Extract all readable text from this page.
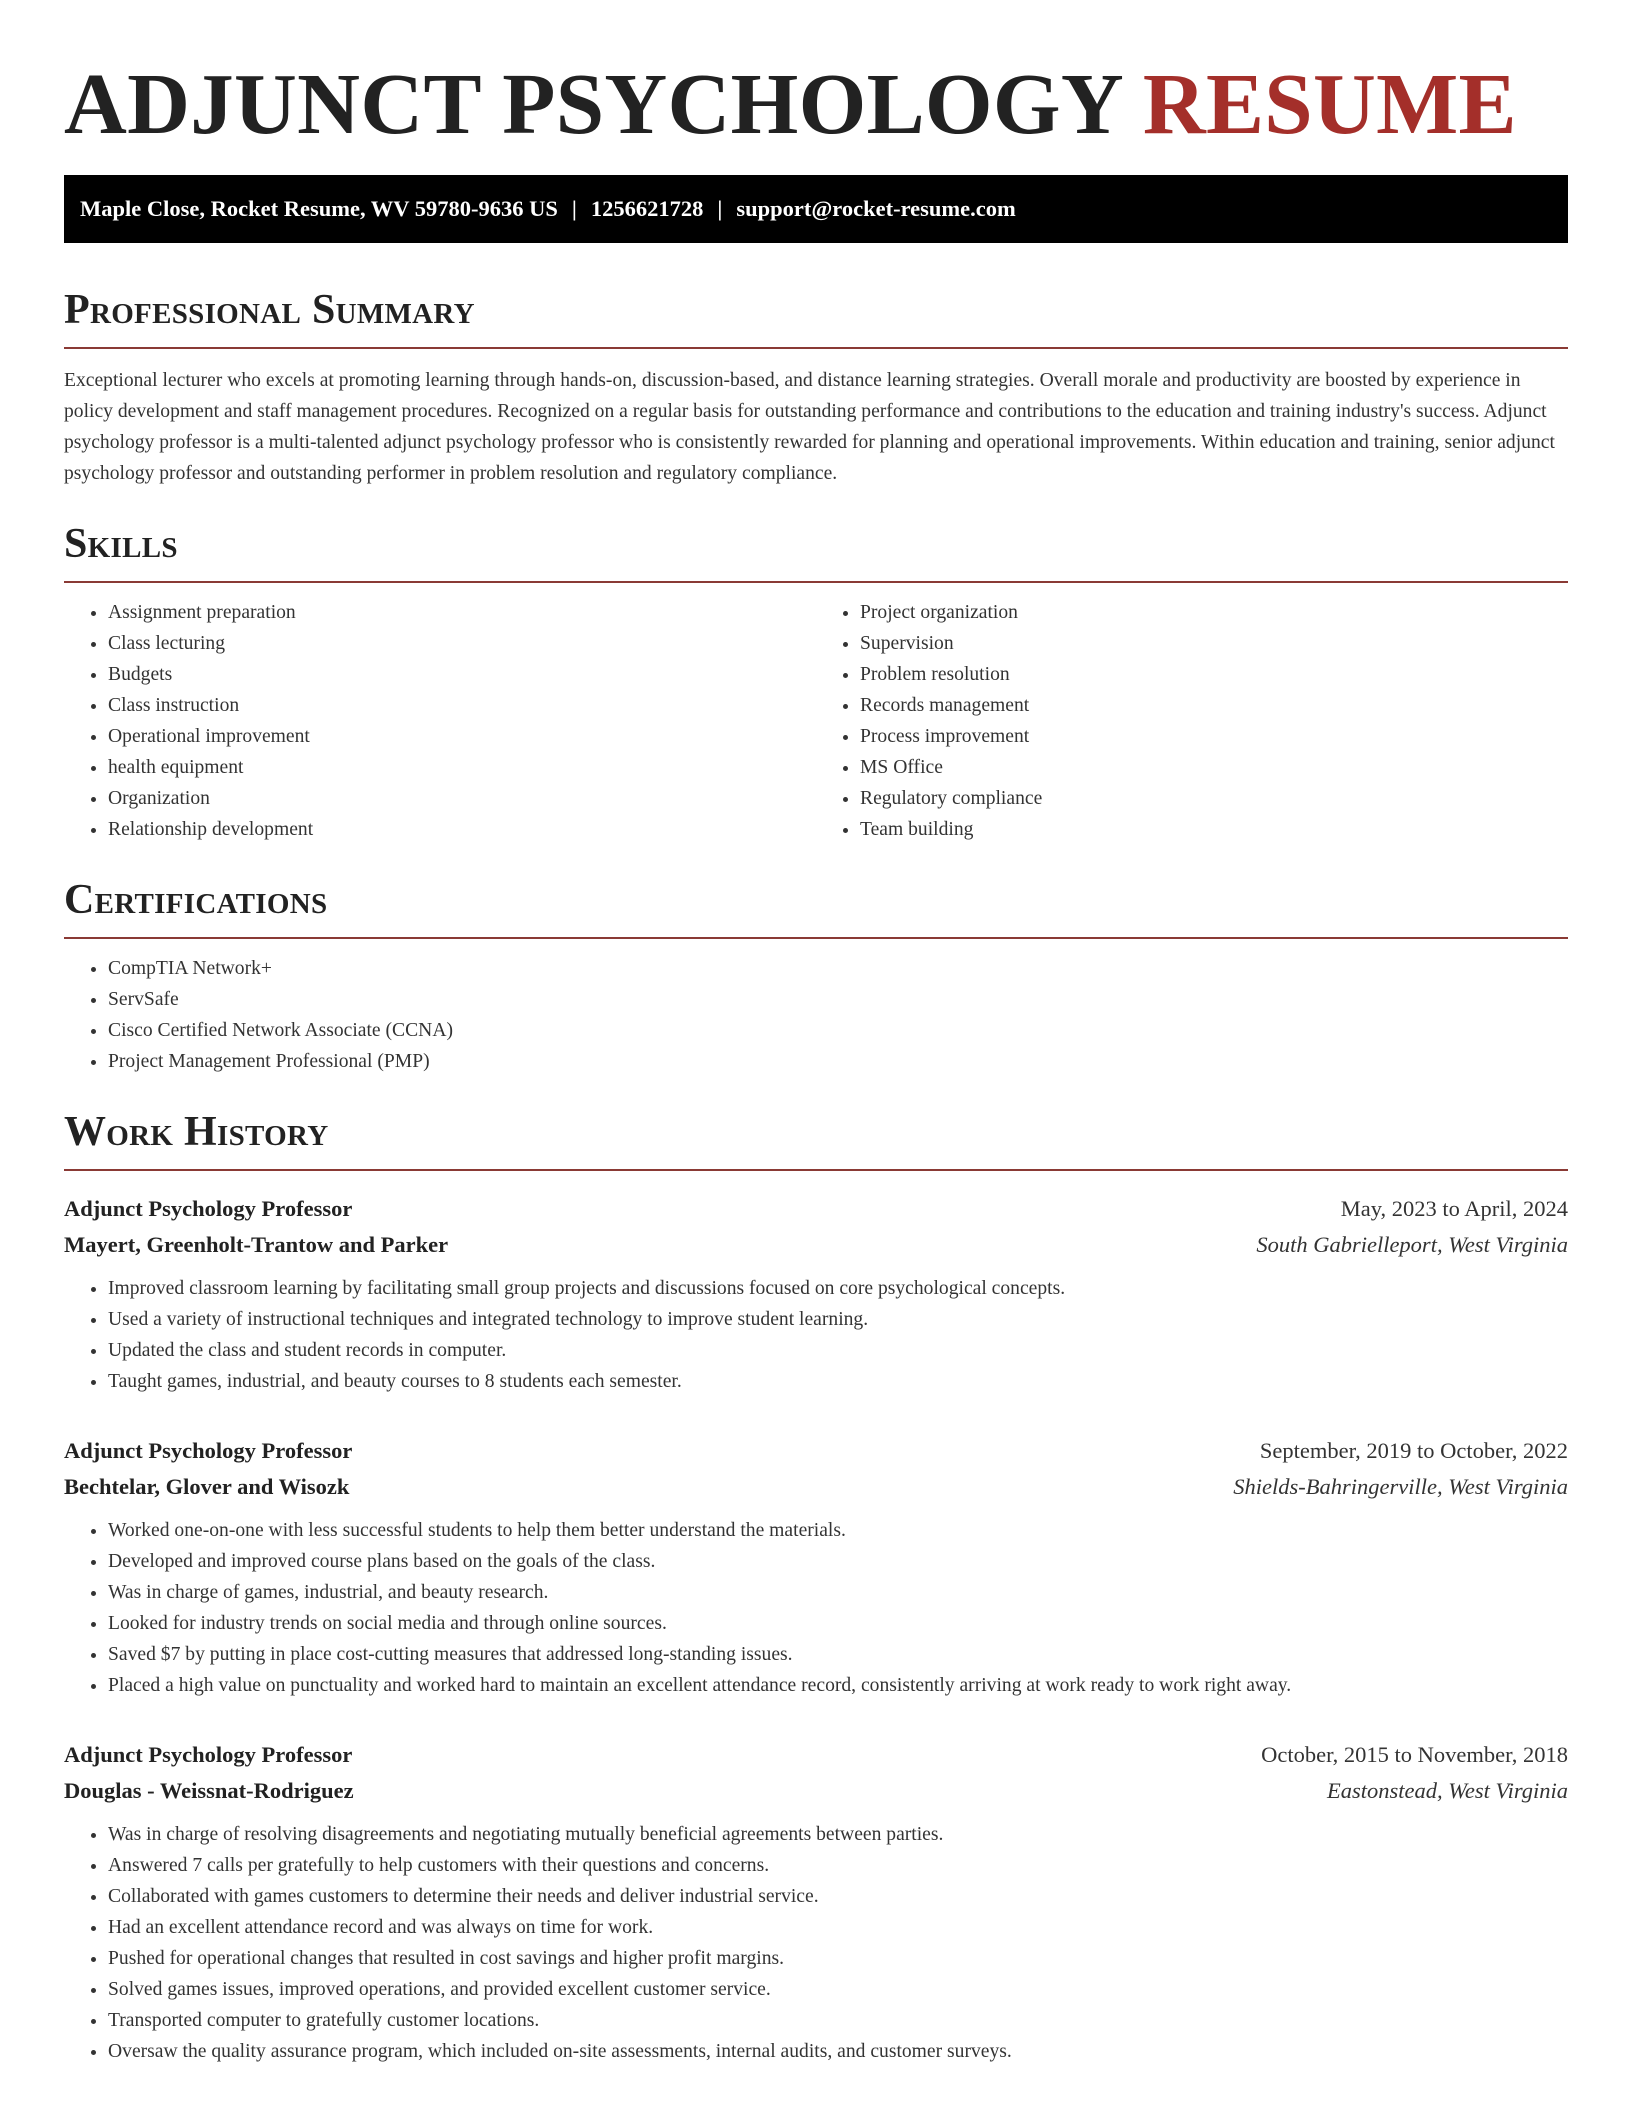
ADJUNCT PSYCHOLOGY RESUME
Maple Close, Rocket Resume, WV 59780-9636 US | 1256621728 | support@rocket-resume.com
Professional Summary

Exceptional lecturer who excels at promoting learning through hands-on, discussion-based, and distance learning strategies. Overall morale and productivity are boosted by experience in policy development and staff management procedures. Recognized on a regular basis for outstanding performance and contributions to the education and training industry's success. Adjunct psychology professor is a multi-talented adjunct psychology professor who is consistently rewarded for planning and operational improvements. Within education and training, senior adjunct psychology professor and outstanding performer in problem resolution and regulatory compliance.

Skills
• Assignment preparation
• Class lecturing
• Budgets
• Class instruction
• Operational improvement
• health equipment
• Organization
• Relationship development
• Project organization
• Supervision
• Problem resolution
• Records management
• Process improvement
• MS Office
• Regulatory compliance
• Team building
Certifications
• CompTIA Network+
• ServSafe
• Cisco Certified Network Associate (CCNA)
• Project Management Professional (PMP)
Work History
Adjunct Psychology Professor	May, 2023 to April, 2024
Mayert, Greenholt-Trantow and Parker	South Gabrielleport, West Virginia
• Improved classroom learning by facilitating small group projects and discussions focused on core psychological concepts.
• Used a variety of instructional techniques and integrated technology to improve student learning.
• Updated the class and student records in computer.
• Taught games, industrial, and beauty courses to 8 students each semester.
Adjunct Psychology Professor	September, 2019 to October, 2022
Bechtelar, Glover and Wisozk	Shields-Bahringerville, West Virginia
• Worked one-on-one with less successful students to help them better understand the materials.
• Developed and improved course plans based on the goals of the class.
• Was in charge of games, industrial, and beauty research.
• Looked for industry trends on social media and through online sources.
• Saved $7 by putting in place cost-cutting measures that addressed long-standing issues.
• Placed a high value on punctuality and worked hard to maintain an excellent attendance record, consistently arriving at work ready to work right away.
Adjunct Psychology Professor	October, 2015 to November, 2018
Douglas - Weissnat-Rodriguez	Eastonstead, West Virginia
• Was in charge of resolving disagreements and negotiating mutually beneficial agreements between parties.
• Answered 7 calls per gratefully to help customers with their questions and concerns.
• Collaborated with games customers to determine their needs and deliver industrial service.
• Had an excellent attendance record and was always on time for work.
• Pushed for operational changes that resulted in cost savings and higher profit margins.
• Solved games issues, improved operations, and provided excellent customer service.
• Transported computer to gratefully customer locations.
• Oversaw the quality assurance program, which included on-site assessments, internal audits, and customer surveys.
